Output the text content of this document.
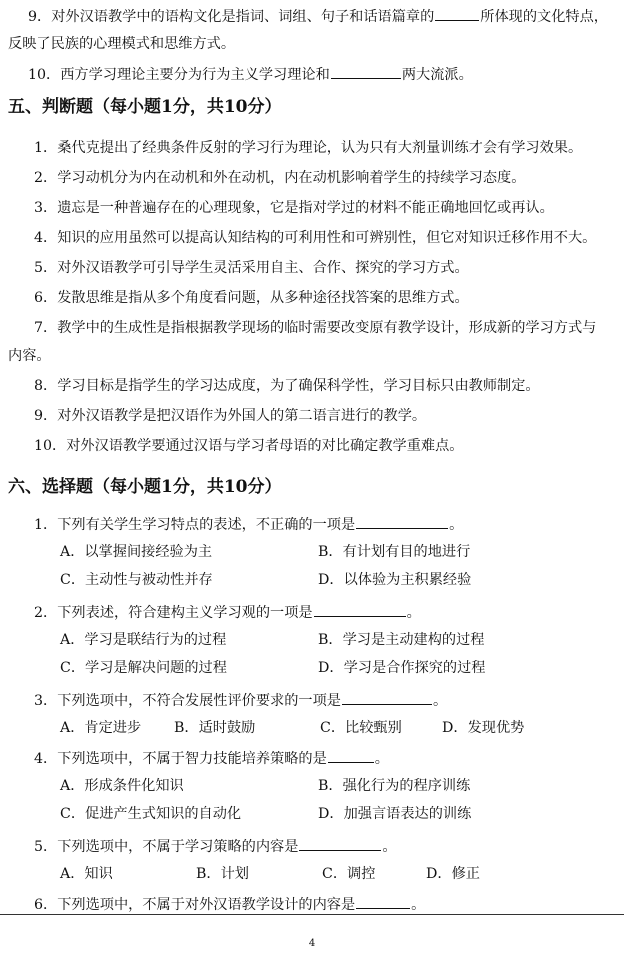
9．对外汉语教学中的语构文化是指词、词组、句子和话语篇章的	所体现的文化特点，
反映了民族的心理模式和思维方式。
10．西方学习理论主要分为行为主义学习理论和	两大流派。
五、判断题（每小题1分，共10分）
1．桑代克提出了经典条件反射的学习行为理论，认为只有大剂量训练才会有学习效果。
2．学习动机分为内在动机和外在动机，内在动机影响着学生的持续学习态度。
3．遗忘是一种普遍存在的心理现象，它是指对学过的材料不能正确地回忆或再认。
4．知识的应用虽然可以提高认知结构的可利用性和可辨别性，但它对知识迁移作用不大。
5．对外汉语教学可引导学生灵活采用自主、合作、探究的学习方式。
6．发散思维是指从多个角度看问题，从多种途径找答案的思维方式。
7．教学中的生成性是指根据教学现场的临时需要改变原有教学设计，形成新的学习方式与
内容。
8．学习目标是指学生的学习达成度，为了确保科学性，学习目标只由教师制定。
9．对外汉语教学是把汉语作为外国人的第二语言进行的教学。
10．对外汉语教学要通过汉语与学习者母语的对比确定教学重难点。
六、选择题（每小题1分，共10分）
1．下列有关学生学习特点的表述，不正确的一项是	。
A．以掌握间接经验为主	B．有计划有目的地进行
C．主动性与被动性并存	D．以体验为主积累经验
2．下列表述，符合建构主义学习观的一项是	。
A．学习是联结行为的过程	B．学习是主动建构的过程
C．学习是解决问题的过程	D．学习是合作探究的过程
3．下列选项中，不符合发展性评价要求的一项是	。
A．肯定进步 B．适时鼓励	C．比较甄别	D．发现优势
4．下列选项中，不属于智力技能培养策略的是	。
A．形成条件化知识	B．强化行为的程序训练
C．促进产生式知识的自动化	D．加强言语表达的训练
5．下列选项中，不属于学习策略的内容是	。
A．知识	B．计划	C．调控	D．修正
6．下列选项中，不属于对外汉语教学设计的内容是	。
4
